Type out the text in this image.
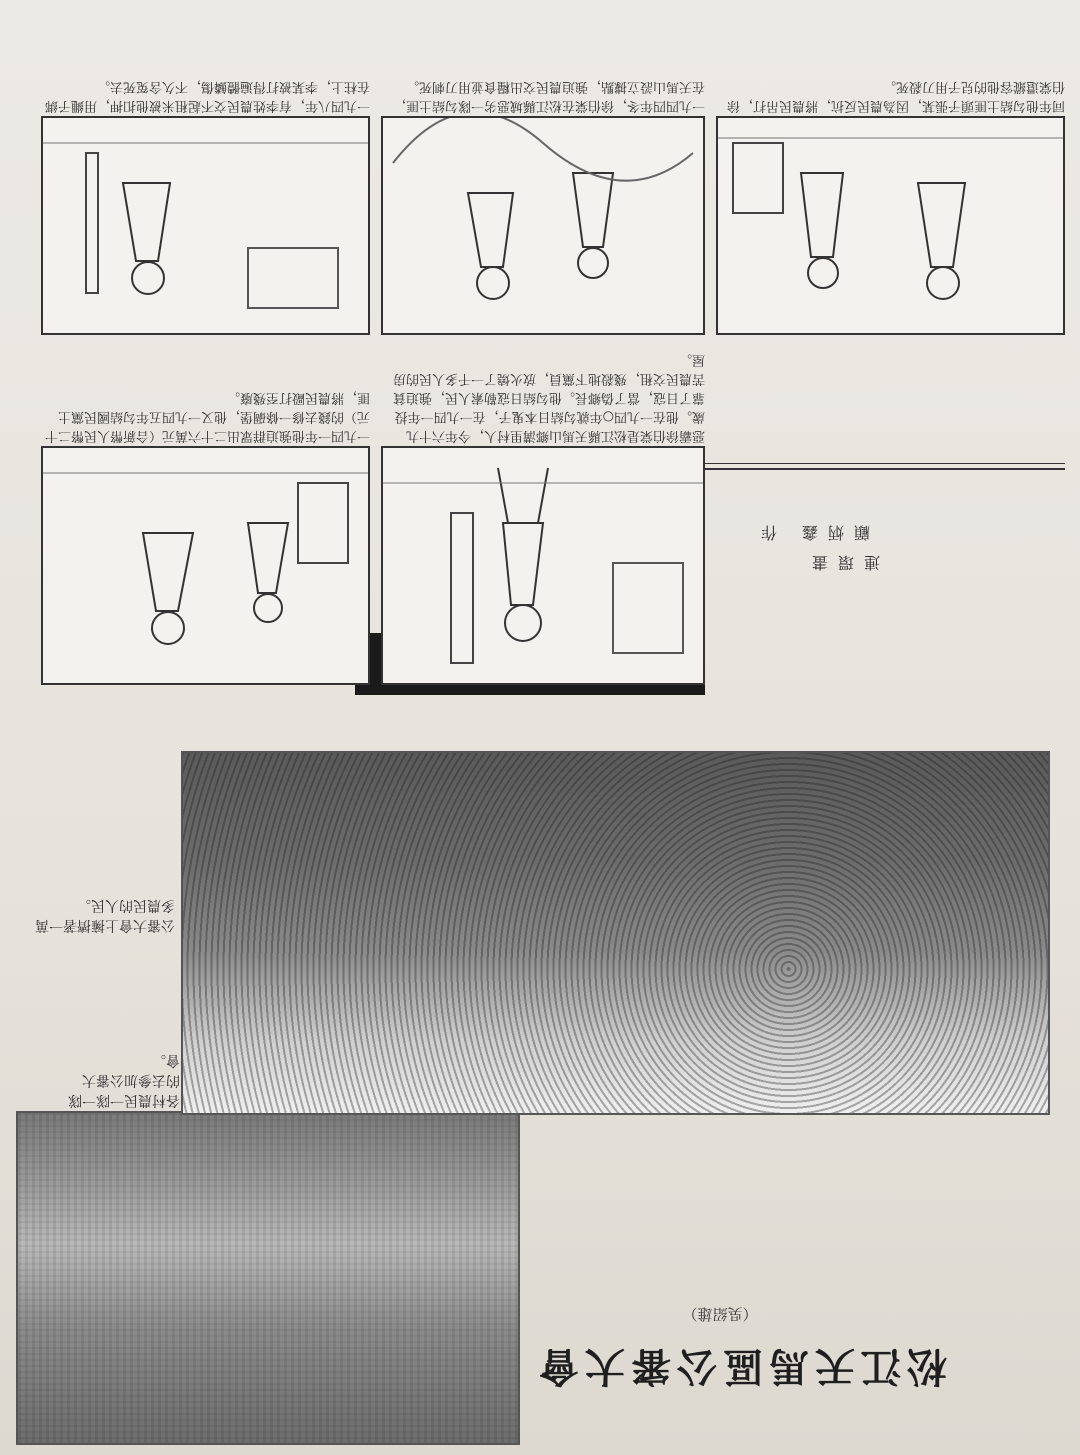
松江天馬區公審大會
（吳紹雄）
各村農民一隊一隊的去參加公審大會。
公審大會上擁擠著一萬多農民的人民。
連環畫
顧炳鑫 作
惡霸徐伯棠是松江縣天馬山鄉溝里村人，今年六十九歲。他在一九四○年就勾結日本鬼子，在一九四一年投靠了日寇，當了偽鄉長。他勾結日寇勒索人民，強迫貧苦農民交租，殘殺地下黨員，放火燒了一千多人民的房屋。
一九四一年他強迫群眾出二十六萬元（合新幣人民幣二十元）的錢去修一條碉堡，他又一九四五年勾結國民黨土匪，將農民毆打至殘廢。
一九四四年冬，徐伯棠在松江縣城惡劣一隊勾結土匪，在天馬山設立據點，強迫農民交出糧食並用刀刺死。
一九四八年，有李姓農民交不起租米被他扣押，用繩子綁在柱上，李某被打得遍體鱗傷，不久含冤死去。
同年他勾結土匪頭子張某，因為農民反抗，將農民吊打，徐伯棠還縱容他的兒子用刀殺死。
